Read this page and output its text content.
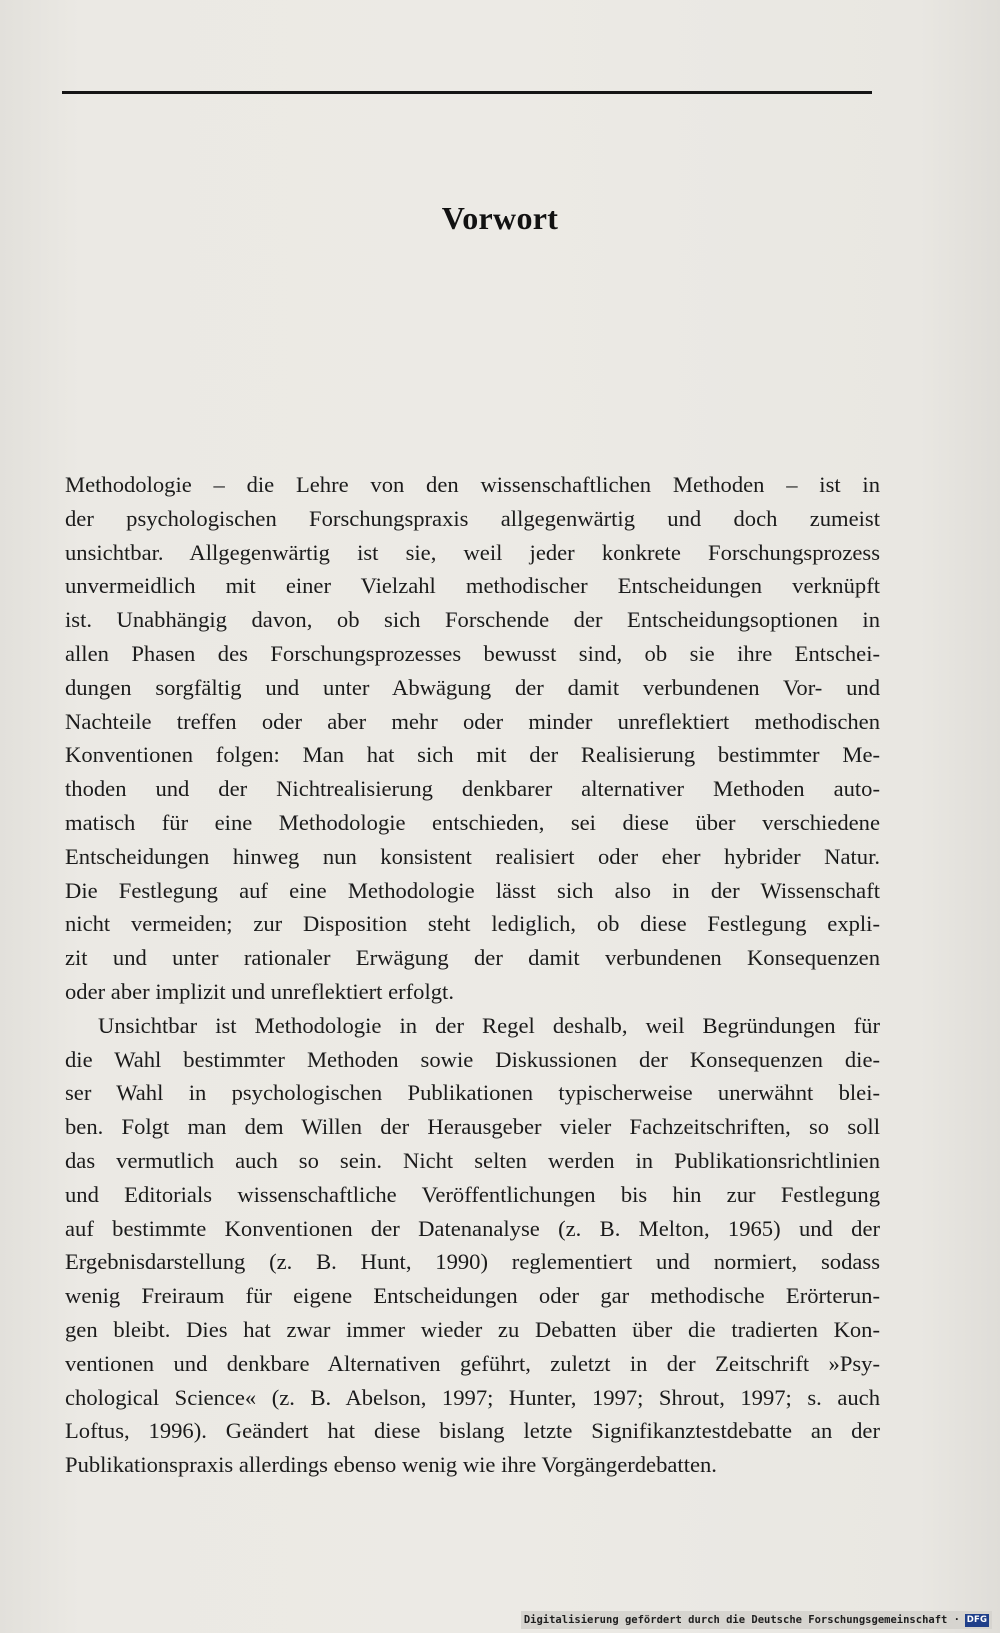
Vorwort
Methodologie – die Lehre von den wissenschaftlichen Methoden – ist in
der psychologischen Forschungspraxis allgegenwärtig und doch zumeist
unsichtbar. Allgegenwärtig ist sie, weil jeder konkrete Forschungsprozess
unvermeidlich mit einer Vielzahl methodischer Entscheidungen verknüpft
ist. Unabhängig davon, ob sich Forschende der Entscheidungsoptionen in
allen Phasen des Forschungsprozesses bewusst sind, ob sie ihre Entschei-
dungen sorgfältig und unter Abwägung der damit verbundenen Vor- und
Nachteile treffen oder aber mehr oder minder unreflektiert methodischen
Konventionen folgen: Man hat sich mit der Realisierung bestimmter Me-
thoden und der Nichtrealisierung denkbarer alternativer Methoden auto-
matisch für eine Methodologie entschieden, sei diese über verschiedene
Entscheidungen hinweg nun konsistent realisiert oder eher hybrider Natur.
Die Festlegung auf eine Methodologie lässt sich also in der Wissenschaft
nicht vermeiden; zur Disposition steht lediglich, ob diese Festlegung expli-
zit und unter rationaler Erwägung der damit verbundenen Konsequenzen
oder aber implizit und unreflektiert erfolgt.
Unsichtbar ist Methodologie in der Regel deshalb, weil Begründungen für
die Wahl bestimmter Methoden sowie Diskussionen der Konsequenzen die-
ser Wahl in psychologischen Publikationen typischerweise unerwähnt blei-
ben. Folgt man dem Willen der Herausgeber vieler Fachzeitschriften, so soll
das vermutlich auch so sein. Nicht selten werden in Publikationsrichtlinien
und Editorials wissenschaftliche Veröffentlichungen bis hin zur Festlegung
auf bestimmte Konventionen der Datenanalyse (z. B. Melton, 1965) und der
Ergebnisdarstellung (z. B. Hunt, 1990) reglementiert und normiert, sodass
wenig Freiraum für eigene Entscheidungen oder gar methodische Erörterun-
gen bleibt. Dies hat zwar immer wieder zu Debatten über die tradierten Kon-
ventionen und denkbare Alternativen geführt, zuletzt in der Zeitschrift »Psy-
chological Science« (z. B. Abelson, 1997; Hunter, 1997; Shrout, 1997; s. auch
Loftus, 1996). Geändert hat diese bislang letzte Signifikanztestdebatte an der
Publikationspraxis allerdings ebenso wenig wie ihre Vorgängerdebatten.
Digitalisierung gefördert durch die Deutsche Forschungsgemeinschaft · DFG
